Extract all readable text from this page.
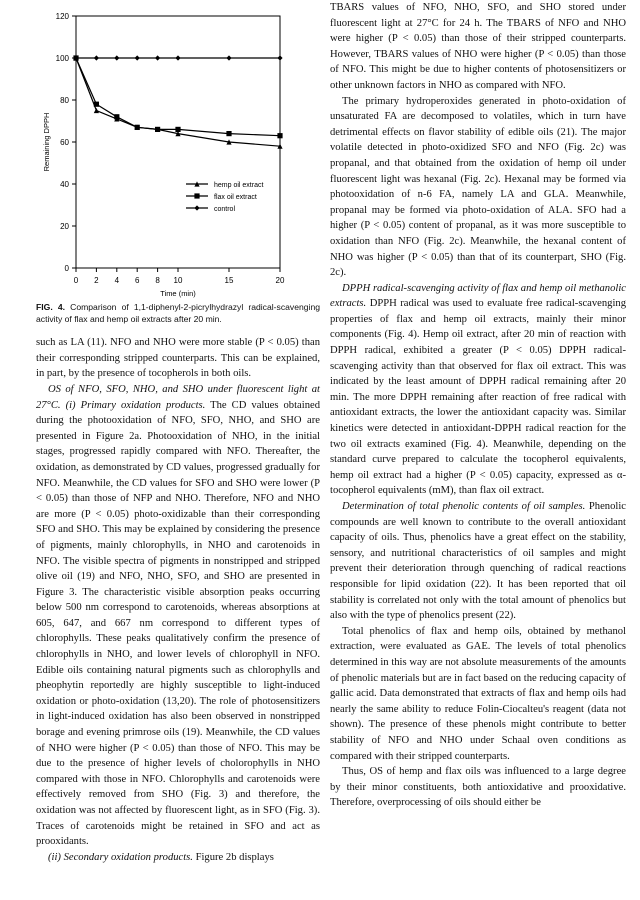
0
20
40
60
80
100
120
0 2 4 6 8 10	15	20
Time (min)
Remaining DPPH
hemp oil extract
flax oil extract
control
FIG. 4. Comparison of 1,1-diphenyl-2-picrylhydrazyl radical-scavenging activity of flax and hemp oil extracts after 20 min.

such as LA (11). NFO and NHO were more stable (P < 0.05) than their corresponding stripped counterparts. This can be explained, in part, by the presence of tocopherols in both oils.

OS of NFO, SFO, NHO, and SHO under fluorescent light at 27°C. (i) Primary oxidation products. The CD values obtained during the photooxidation of NFO, SFO, NHO, and SHO are presented in Figure 2a. Photooxidation of NHO, in the initial stages, progressed rapidly compared with NFO. Thereafter, the oxidation, as demonstrated by CD values, progressed gradually for NFO. Meanwhile, the CD values for SFO and SHO were lower (P < 0.05) than those of NFP and NHO. Therefore, NFO and NHO are more (P < 0.05) photo-oxidizable than their corresponding SFO and SHO. This may be explained by considering the presence of pigments, mainly chlorophylls, in NHO and carotenoids in NFO. The visible spectra of pigments in nonstripped and stripped olive oil (19) and NFO, NHO, SFO, and SHO are presented in Figure 3. The characteristic visible absorption peaks occurring below 500 nm correspond to carotenoids, whereas absorptions at 605, 647, and 667 nm correspond to different types of chlorophylls. These peaks qualitatively confirm the presence of chlorophylls in NHO, and lower levels of chlorophyll in NFO. Edible oils containing natural pigments such as chlorophylls and pheophytin reportedly are highly susceptible to light-induced oxidation or photo-oxidation (13,20). The role of photosensitizers in light-induced oxidation has also been observed in nonstripped borage and evening primrose oils (19). Meanwhile, the CD values of NHO were higher (P < 0.05) than those of NFO. This may be due to the presence of higher levels of cholorophylls in NHO compared with those in NFO. Chlorophylls and carotenoids were effectively removed from SHO (Fig. 3) and therefore, the oxidation was not affected by fluorescent light, as in SFO (Fig. 3). Traces of carotenoids might be retained in SFO and act as prooxidants.

(ii) Secondary oxidation products. Figure 2b displays

TBARS values of NFO, NHO, SFO, and SHO stored under fluorescent light at 27°C for 24 h. The TBARS of NFO and NHO were higher (P < 0.05) than those of their stripped counterparts. However, TBARS values of NHO were higher (P < 0.05) than those of NFO. This might be due to higher contents of photosensitizers or other unknown factors in NHO as compared with NFO.

The primary hydroperoxides generated in photo-oxidation of unsaturated FA are decomposed to volatiles, which in turn have detrimental effects on flavor stability of edible oils (21). The major volatile detected in photo-oxidized SFO and NFO (Fig. 2c) was propanal, and that obtained from the oxidation of hemp oil under fluorescent light was hexanal (Fig. 2c). Hexanal may be formed via photooxidation of n-6 FA, namely LA and GLA. Meanwhile, propanal may be formed via photo-oxidation of ALA. SFO had a higher (P < 0.05) content of propanal, as it was more susceptible to oxidation than NFO (Fig. 2c). Meanwhile, the hexanal content of NHO was higher (P < 0.05) than that of its counterpart, SHO (Fig. 2c).

DPPH radical-scavenging activity of flax and hemp oil methanolic extracts. DPPH radical was used to evaluate free radical-scavenging properties of flax and hemp oil extracts, mainly their minor components (Fig. 4). Hemp oil extract, after 20 min of reaction with DPPH radical, exhibited a greater (P < 0.05) DPPH radical-scavenging activity than that observed for flax oil extract. This was indicated by the least amount of DPPH radical remaining after 20 min. The more DPPH remaining after reaction of free radical with antioxidant extracts, the lower the antioxidant capacity was. Similar kinetics were detected in antioxidant-DPPH radical reaction for the two oil extracts examined (Fig. 4). Meanwhile, depending on the standard curve prepared to calculate the tocopherol equivalents, hemp oil extract had a higher (P < 0.05) capacity, expressed as α-tocopherol equivalents (mM), than flax oil extract.

Determination of total phenolic contents of oil samples. Phenolic compounds are well known to contribute to the overall antioxidant capacity of oils. Thus, phenolics have a great effect on the stability, sensory, and nutritional characteristics of oil samples and might prevent their deterioration through quenching of radical reactions responsible for lipid oxidation (22). It has been reported that oil stability is correlated not only with the total amount of phenolics but also with the type of phenolics present (22).

Total phenolics of flax and hemp oils, obtained by methanol extraction, were evaluated as GAE. The levels of total phenolics determined in this way are not absolute measurements of the amounts of phenolic materials but are in fact based on the reducing capacity of gallic acid. Data demonstrated that extracts of flax and hemp oils had nearly the same ability to reduce Folin-Ciocalteu's reagent (data not shown). The presence of these phenols might contribute to better stability of NFO and NHO under Schaal oven conditions as compared with their stripped counterparts.

Thus, OS of hemp and flax oils was influenced to a large degree by their minor constituents, both antioxidative and prooxidative. Therefore, overprocessing of oils should either be
